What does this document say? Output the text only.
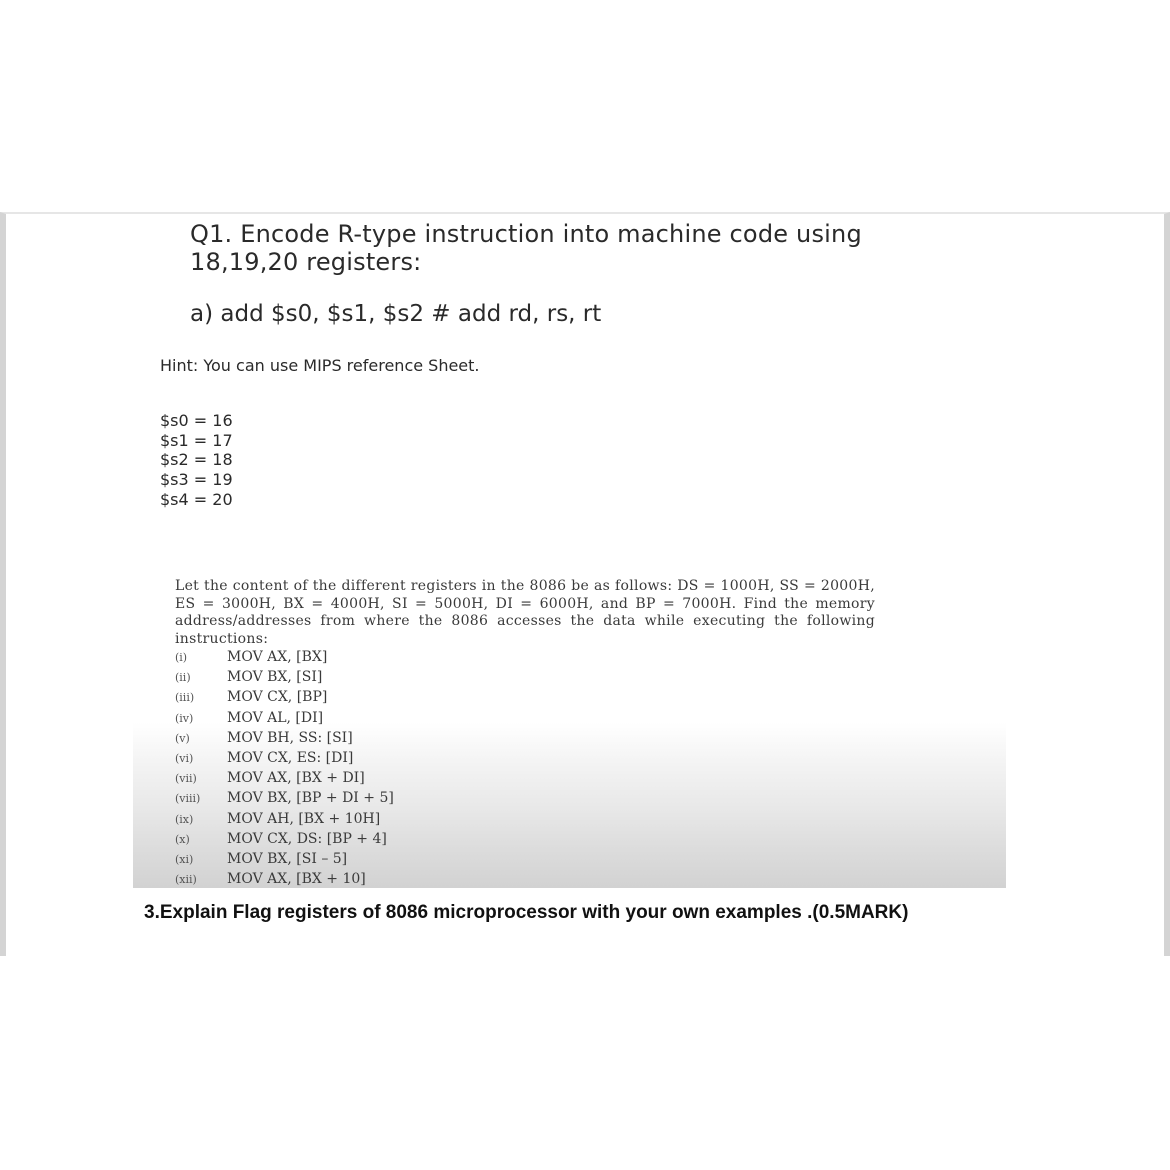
Q1. Encode R-type instruction into machine code using
18,19,20 registers:
a) add $s0, $s1, $s2 # add rd, rs, rt
Hint: You can use MIPS reference Sheet.
$s0 = 16
$s1 = 17
$s2 = 18
$s3 = 19
$s4 = 20
Let the content of the different registers in the 8086 be as follows: DS = 1000H, SS = 2000H, ES = 3000H, BX = 4000H, SI = 5000H, DI = 6000H, and BP = 7000H. Find the memory address/addresses from where the 8086 accesses the data while executing the following instructions:
(i)	MOV AX, [BX]
(ii)	MOV BX, [SI]
(iii) MOV CX, [BP]
(iv) MOV AL, [DI]
(v)	MOV BH, SS: [SI]
(vi) MOV CX, ES: [DI]
(vii) MOV AX, [BX + DI]
(viii) MOV BX, [BP + DI + 5]
(ix) MOV AH, [BX + 10H]
(x)	MOV CX, DS: [BP + 4]
(xi) MOV BX, [SI – 5]
(xii) MOV AX, [BX + 10]
3.Explain Flag registers of 8086 microprocessor with your own examples .(0.5MARK)
